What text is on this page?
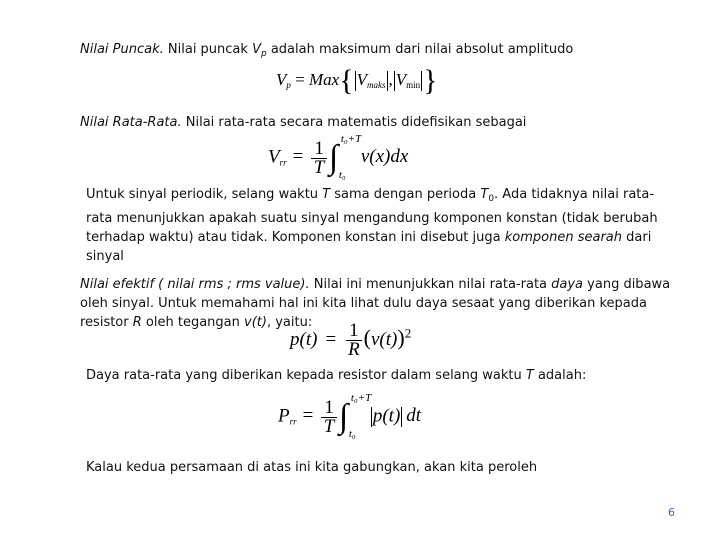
Nilai Puncak. Nilai puncak $V_p$ adalah maksimum dari nilai absolut amplitudo
$V_p = Max${ $V_{maks}$ , $V_{min}$ }
Nilai Rata-Rata. Nilai rata-rata secara matematis didefisikan sebagai
$V_{rr} = \frac{1}{T}$ ∫ t₀+T
t₀
v(x)dx
Untuk sinyal periodik, selang waktu T sama dengan perioda $T_0$. Ada tidaknya nilai rata-rata menunjukkan apakah suatu sinyal mengandung komponen konstan (tidak berubah terhadap waktu) atau tidak. Komponen konstan ini disebut juga komponen searah dari sinyal
Nilai efektif ( nilai rms ; rms value). Nilai ini menunjukkan nilai rata-rata daya yang dibawa oleh sinyal. Untuk memahami hal ini kita lihat dulu daya sesaat yang diberikan kepada resistor R oleh tegangan v(t), yaitu:
$p(t) = \frac{1}{R} (v(t))^2$
Daya rata-rata yang diberikan kepada resistor dalam selang waktu T adalah:
$P_{rr} = \frac{1}{T}$ ∫ t₀+T
t₀
p(t) dt
Kalau kedua persamaan di atas ini kita gabungkan, akan kita peroleh
6
